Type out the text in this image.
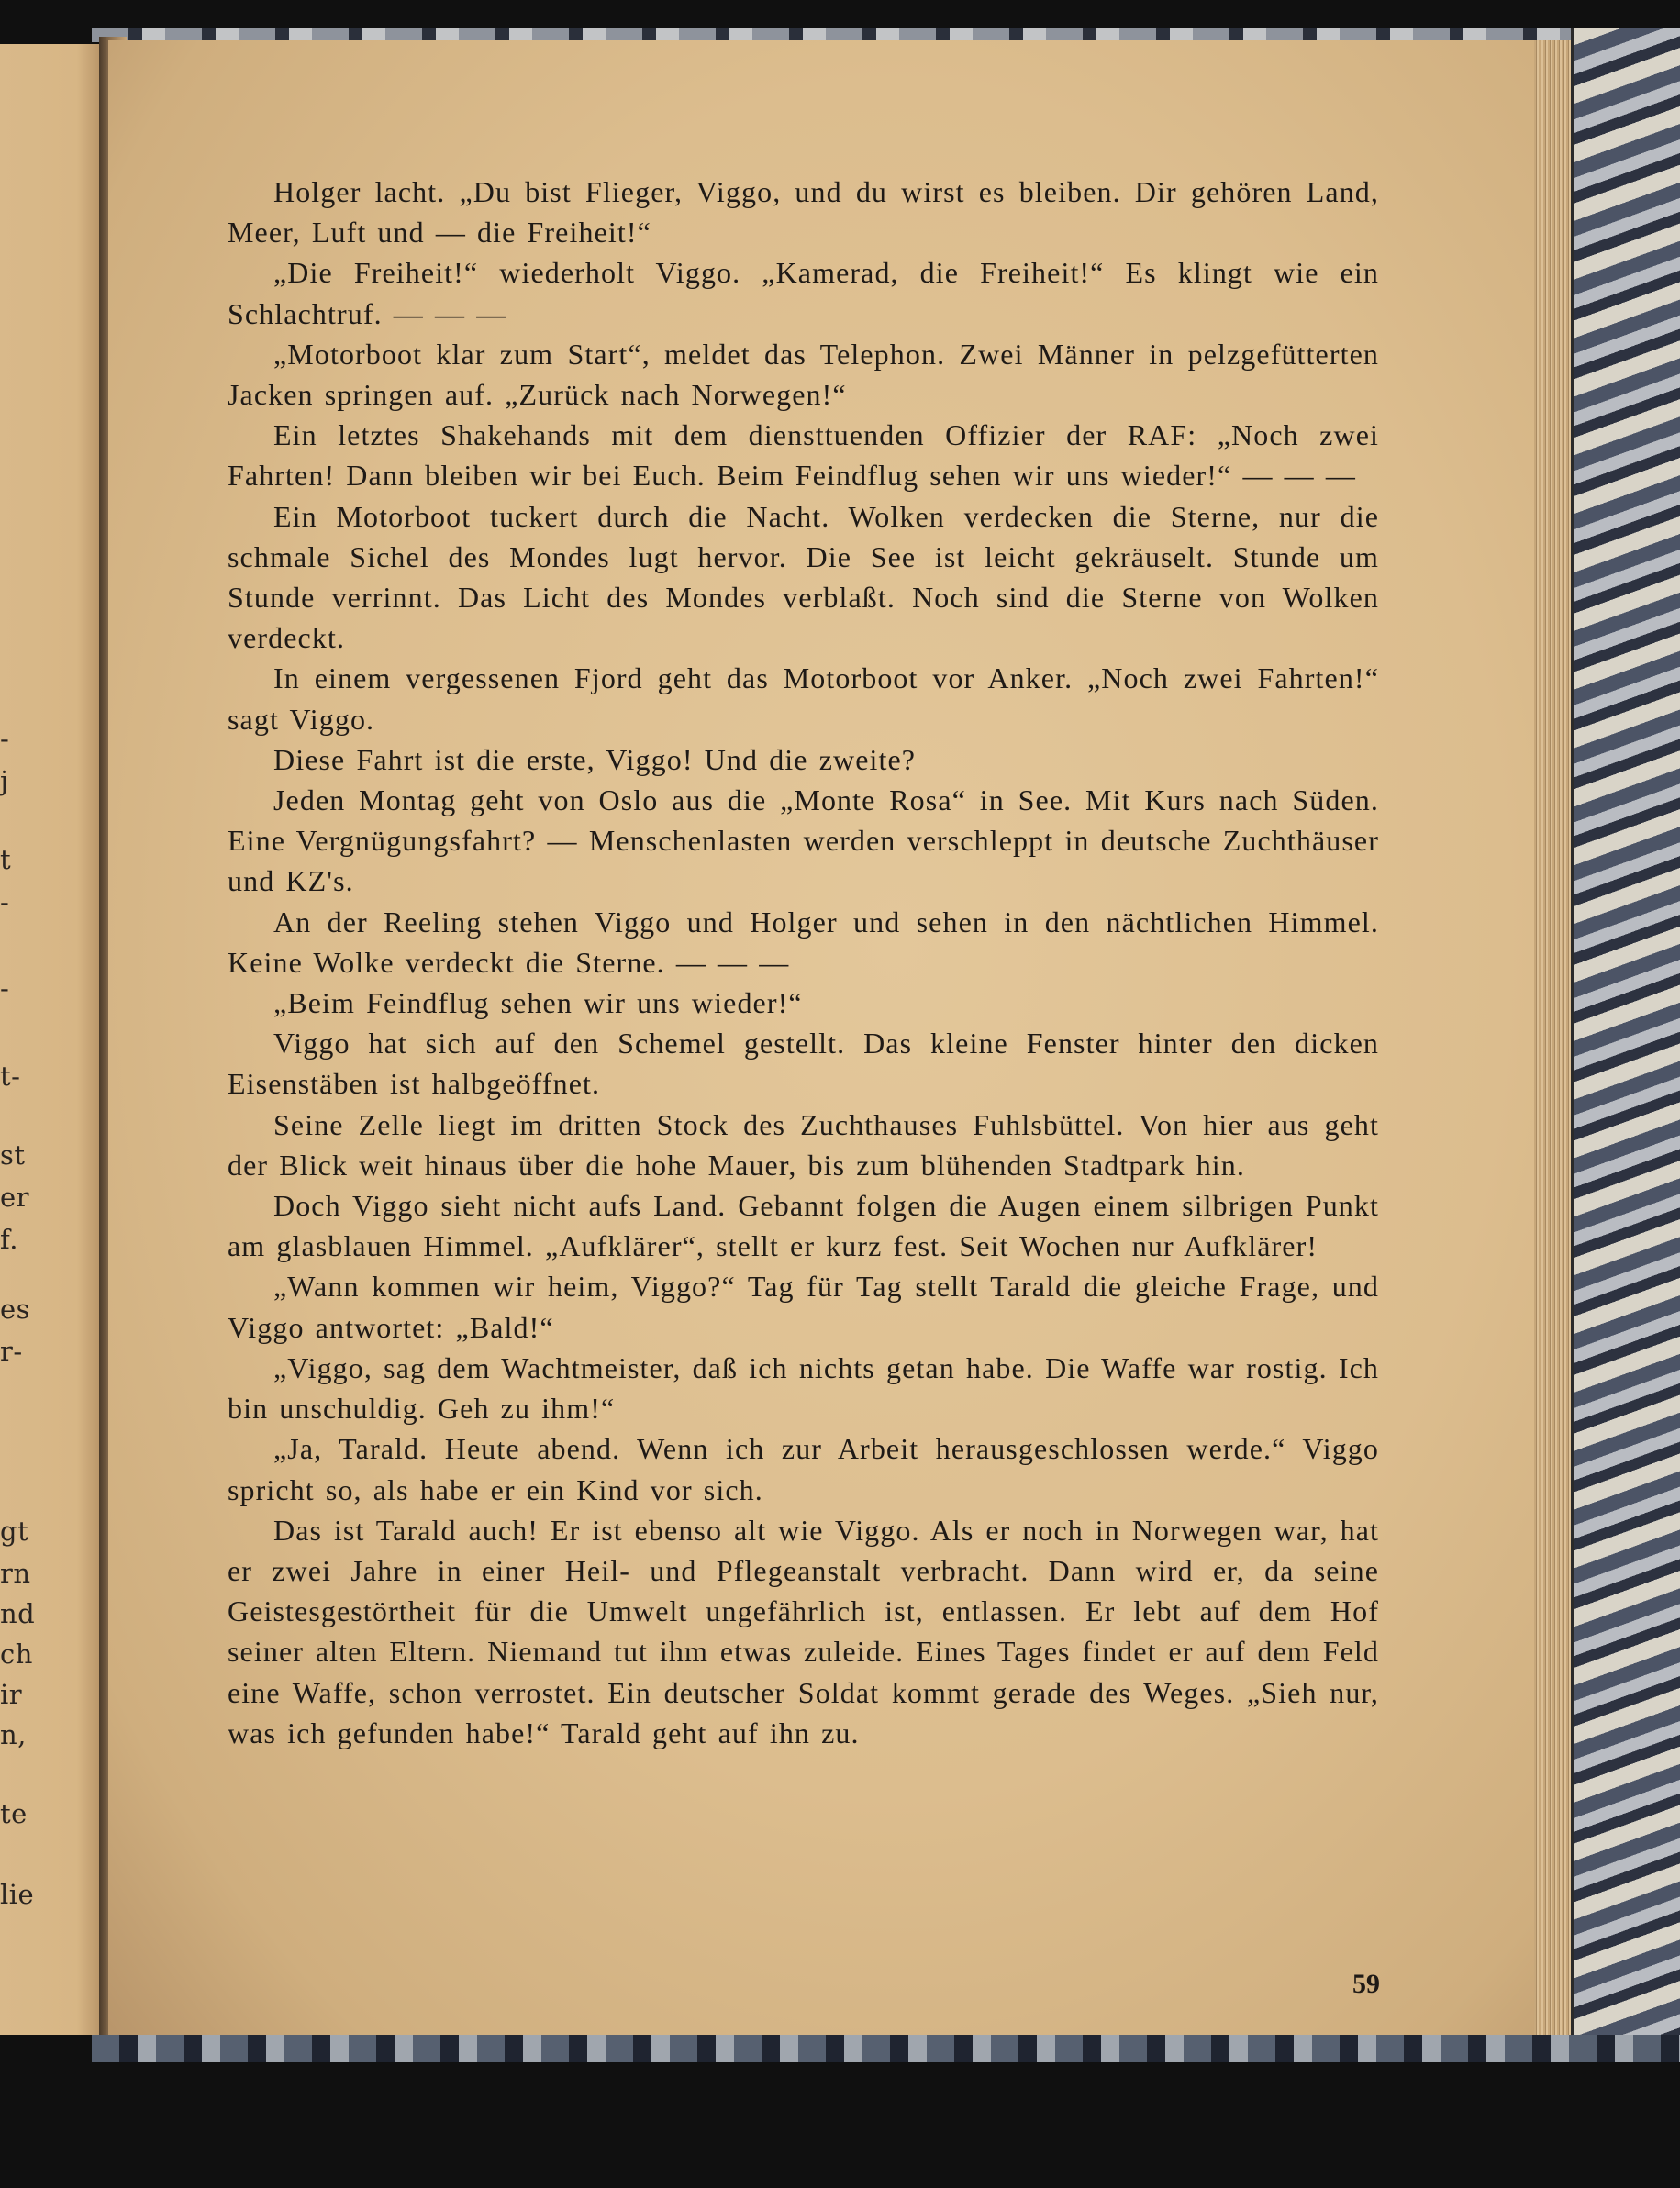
-
j
t
-
-
t-
st
er
f.
es
r-
gt
rn
nd
ch
ir
n,
te
lie

Holger lacht. „Du bist Flieger, Viggo, und du wirst es bleiben. Dir gehören Land, Meer, Luft und — die Freiheit!“

„Die Freiheit!“ wiederholt Viggo. „Kamerad, die Freiheit!“ Es klingt wie ein Schlachtruf. — — —

„Motorboot klar zum Start“, meldet das Telephon. Zwei Männer in pelzgefütterten Jacken springen auf. „Zurück nach Norwegen!“

Ein letztes Shakehands mit dem diensttuenden Offizier der RAF: „Noch zwei Fahrten! Dann bleiben wir bei Euch. Beim Feindflug sehen wir uns wieder!“ — — —

Ein Motorboot tuckert durch die Nacht. Wolken verdecken die Sterne, nur die schmale Sichel des Mondes lugt hervor. Die See ist leicht gekräuselt. Stunde um Stunde verrinnt. Das Licht des Mondes verblaßt. Noch sind die Sterne von Wolken verdeckt.

In einem vergessenen Fjord geht das Motorboot vor Anker. „Noch zwei Fahrten!“ sagt Viggo.

Diese Fahrt ist die erste, Viggo! Und die zweite?

Jeden Montag geht von Oslo aus die „Monte Rosa“ in See. Mit Kurs nach Süden. Eine Vergnügungsfahrt? — Menschenlasten werden verschleppt in deutsche Zuchthäuser und KZ's.

An der Reeling stehen Viggo und Holger und sehen in den nächtlichen Himmel. Keine Wolke verdeckt die Sterne. — — —

„Beim Feindflug sehen wir uns wieder!“

Viggo hat sich auf den Schemel gestellt. Das kleine Fenster hinter den dicken Eisenstäben ist halbgeöffnet.

Seine Zelle liegt im dritten Stock des Zuchthauses Fuhlsbüttel. Von hier aus geht der Blick weit hinaus über die hohe Mauer, bis zum blühenden Stadtpark hin.

Doch Viggo sieht nicht aufs Land. Gebannt folgen die Augen einem silbrigen Punkt am glasblauen Himmel. „Aufklärer“, stellt er kurz fest. Seit Wochen nur Aufklärer!

„Wann kommen wir heim, Viggo?“ Tag für Tag stellt Tarald die gleiche Frage, und Viggo antwortet: „Bald!“

„Viggo, sag dem Wachtmeister, daß ich nichts getan habe. Die Waffe war rostig. Ich bin unschuldig. Geh zu ihm!“

„Ja, Tarald. Heute abend. Wenn ich zur Arbeit herausgeschlossen werde.“ Viggo spricht so, als habe er ein Kind vor sich.

Das ist Tarald auch! Er ist ebenso alt wie Viggo. Als er noch in Norwegen war, hat er zwei Jahre in einer Heil- und Pflegeanstalt verbracht. Dann wird er, da seine Geistesgestörtheit für die Umwelt ungefährlich ist, entlassen. Er lebt auf dem Hof seiner alten Eltern. Niemand tut ihm etwas zuleide. Eines Tages findet er auf dem Feld eine Waffe, schon verrostet. Ein deutscher Soldat kommt gerade des Weges. „Sieh nur, was ich gefunden habe!“ Tarald geht auf ihn zu.

59
